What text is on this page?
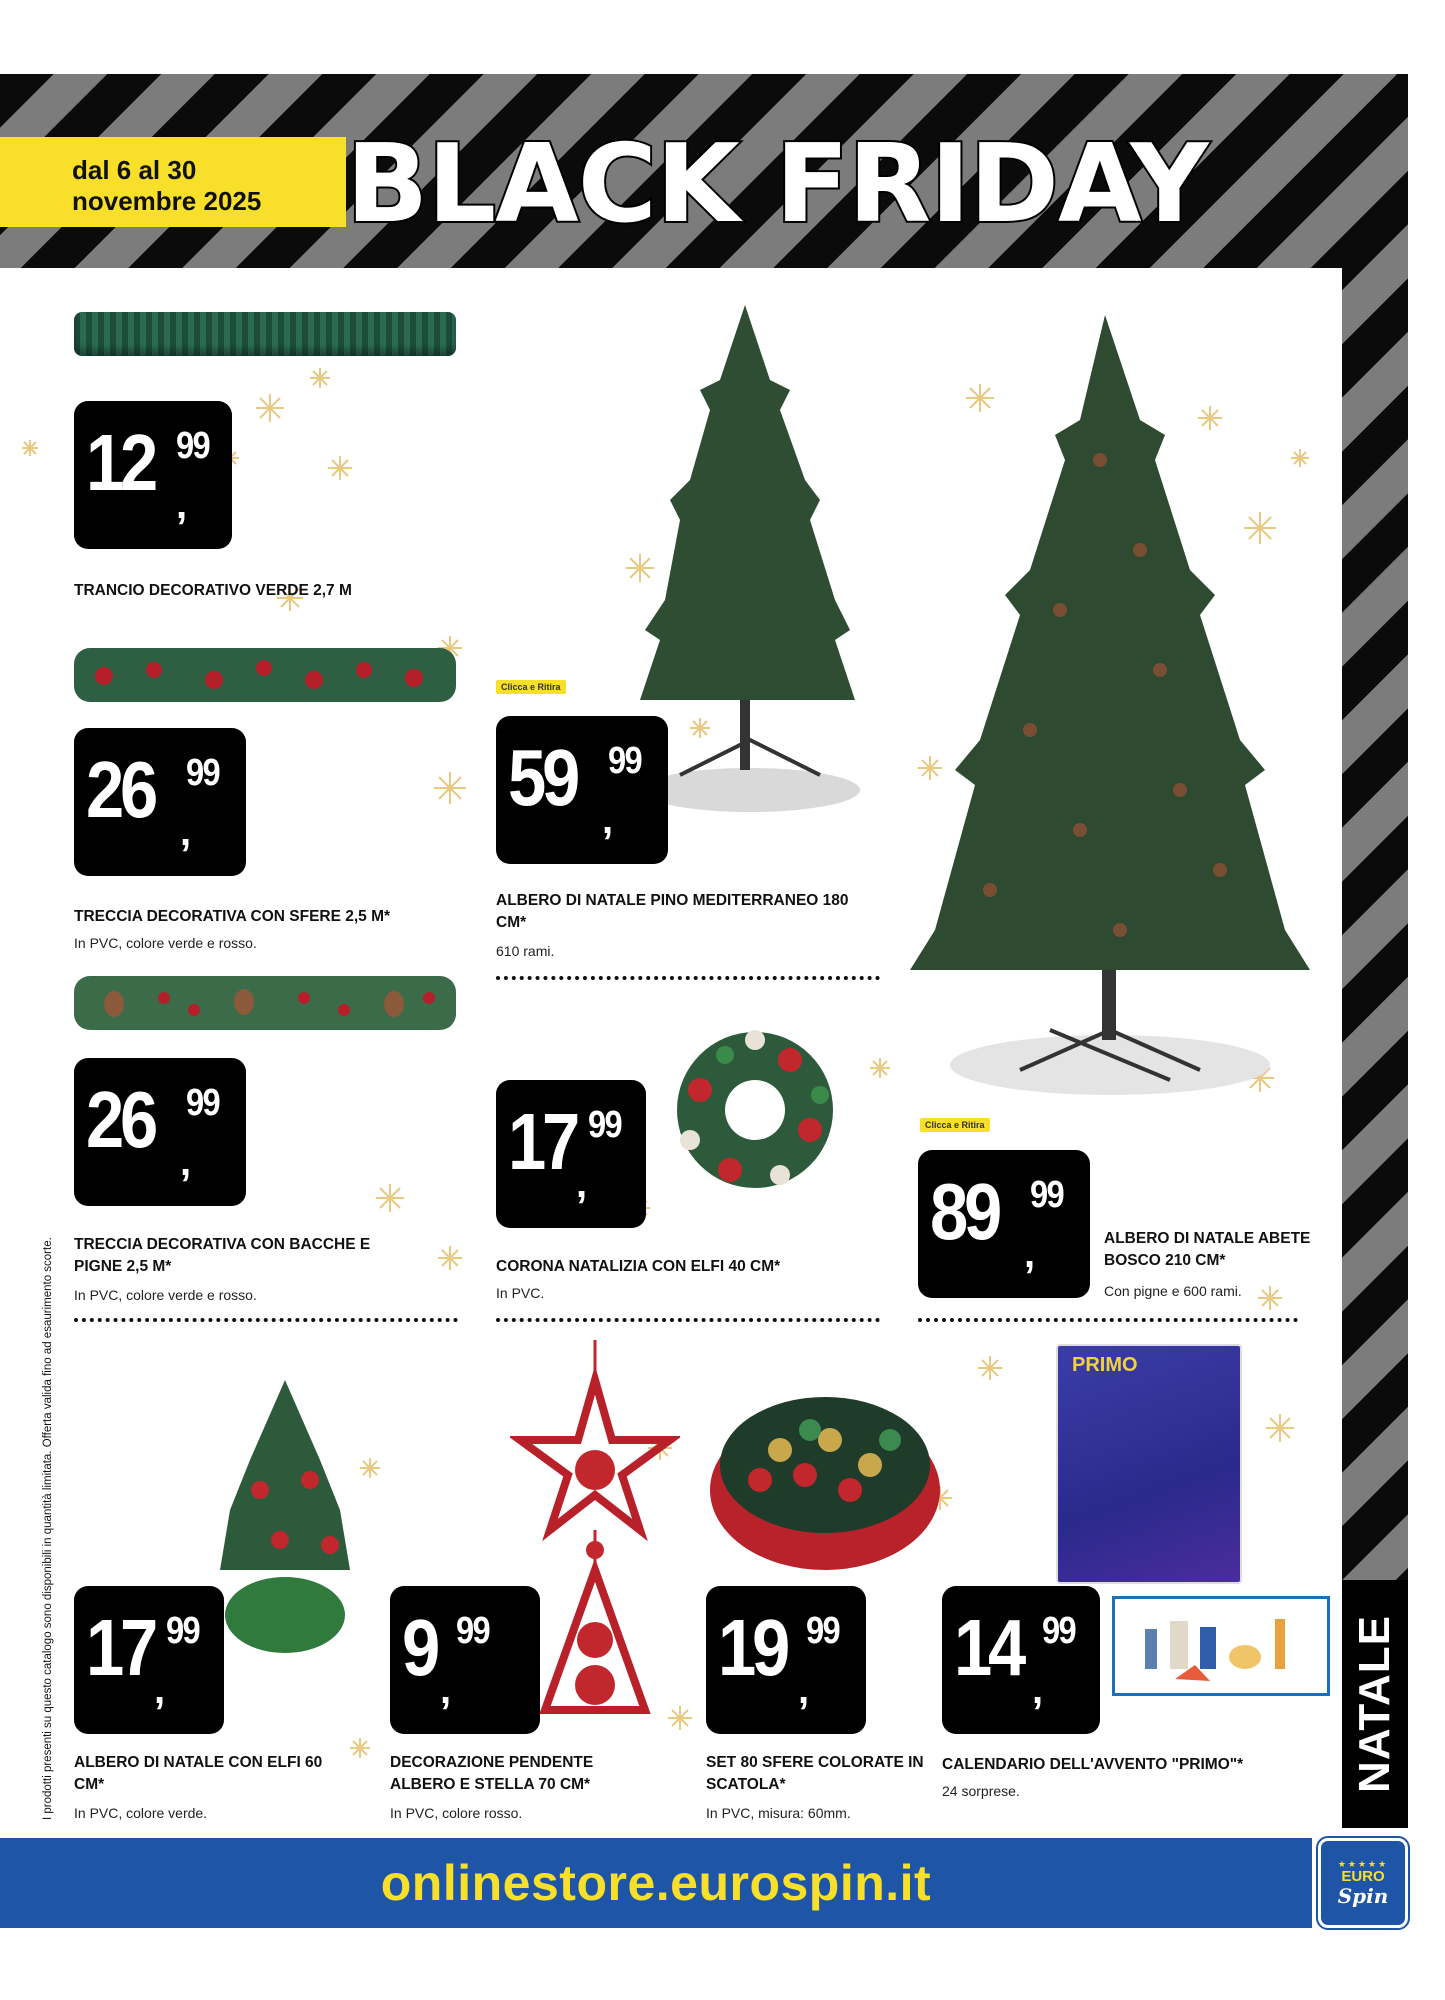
dal 6 al 30
novembre 2025 BLACK FRIDAY
NATALE
I prodotti presenti su questo catalogo sono disponibili in quantità limitata. Offerta valida fino ad esaurimento scorte.
Clicca e Ritira
Clicca e Ritira
PRIMO
12 ,
99
26 ,
99
26 ,
99
59 ,
99
17 ,
99
89 ,
99
17 ,
99	9 ,
99	19 ,
99 14 ,
99
TRANCIO DECORATIVO VERDE 2,7 M
TRECCIA DECORATIVA CON SFERE 2,5 M*
In PVC, colore verde e rosso.
TRECCIA DECORATIVA CON BACCHE E PIGNE 2,5 M*
In PVC, colore verde e rosso.
ALBERO DI NATALE PINO MEDITERRANEO 180 CM*
610 rami.
CORONA NATALIZIA CON ELFI 40 CM*
In PVC.
ALBERO DI NATALE ABETE BOSCO 210 CM*
Con pigne e 600 rami.
ALBERO DI NATALE CON ELFI 60 CM*
In PVC, colore verde.
DECORAZIONE PENDENTE ALBERO E STELLA 70 CM*
In PVC, colore rosso.
SET 80 SFERE COLORATE IN SCATOLA*
In PVC, misura: 60mm.
CALENDARIO DELL'AVVENTO "PRIMO"*
24 sorprese.
onlinestore.eurospin.it	★★★★★
EURO
Spin
